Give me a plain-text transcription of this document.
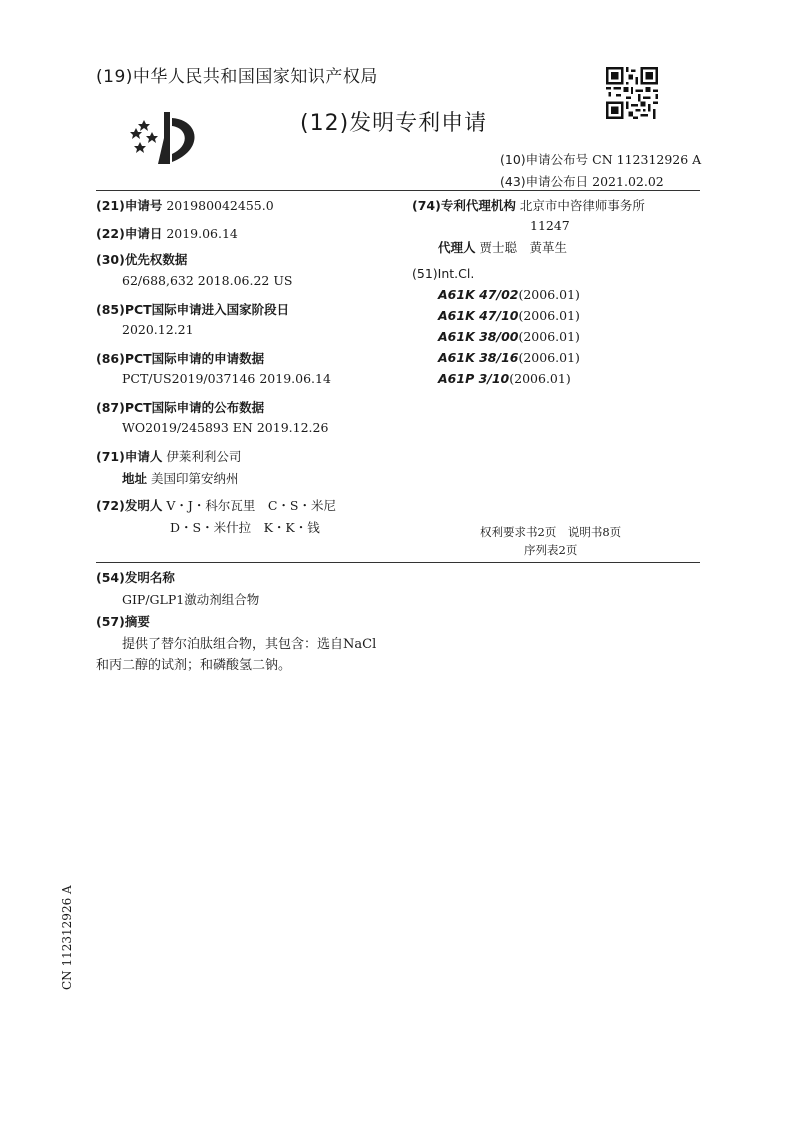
(19)中华人民共和国国家知识产权局
(12)发明专利申请
(10)申请公布号 CN 112312926 A
(43)申请公布日 2021.02.02
(21)申请号 201980042455.0
(22)申请日 2019.06.14
(30)优先权数据
62/688,632 2018.06.22 US
(85)PCT国际申请进入国家阶段日
2020.12.21
(86)PCT国际申请的申请数据
PCT/US2019/037146 2019.06.14
(87)PCT国际申请的公布数据
WO2019/245893 EN 2019.12.26
(71)申请人 伊莱利利公司
地址 美国印第安纳州
(72)发明人 V・J・科尔瓦里　C・S・米尼
D・S・米什拉　K・K・钱
(74)专利代理机构 北京市中咨律师事务所
11247
代理人 贾士聪　黄革生
(51)Int.Cl.
A61K 47/02(2006.01)
A61K 47/10(2006.01)
A61K 38/00(2006.01)
A61K 38/16(2006.01)
A61P 3/10(2006.01)
权利要求书2页　说明书8页
序列表2页
(54)发明名称
GIP/GLP1激动剂组合物
(57)摘要
提供了替尔泊肽组合物，其包含：选自NaCl
和丙二醇的试剂；和磷酸氢二钠。
CN 112312926 A
